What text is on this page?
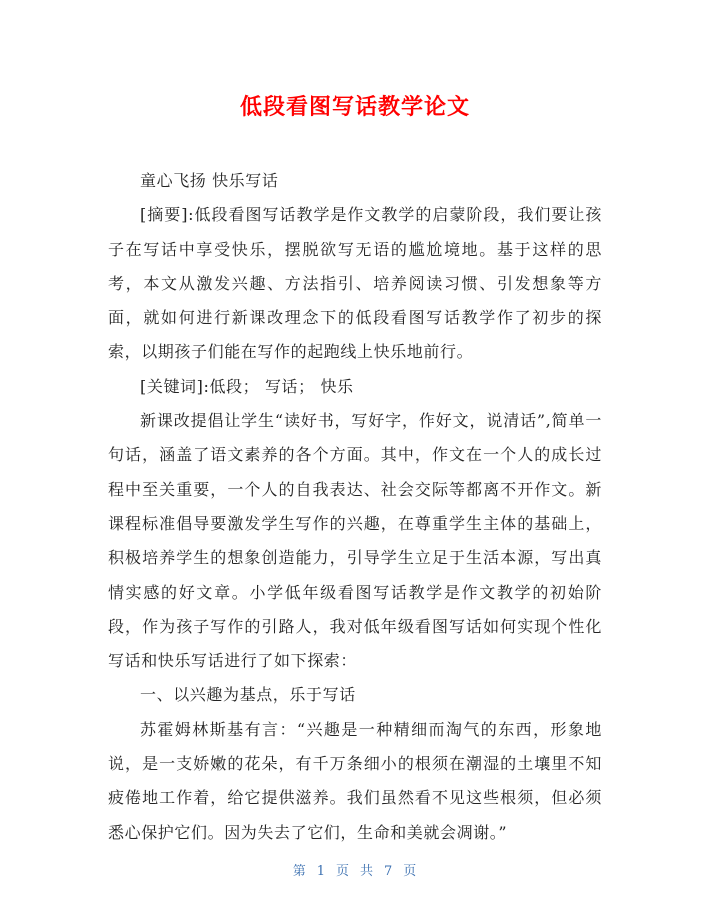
低段看图写话教学论文

童心飞扬 快乐写话

[摘要]:低段看图写话教学是作文教学的启蒙阶段，我们要让孩子在写话中享受快乐，摆脱欲写无语的尴尬境地。基于这样的思考，本文从激发兴趣、方法指引、培养阅读习惯、引发想象等方面，就如何进行新课改理念下的低段看图写话教学作了初步的探索，以期孩子们能在写作的起跑线上快乐地前行。

[关键词]:低段； 写话； 快乐

新课改提倡让学生“读好书，写好字，作好文，说清话”,简单一句话，涵盖了语文素养的各个方面。其中，作文在一个人的成长过程中至关重要，一个人的自我表达、社会交际等都离不开作文。新课程标准倡导要激发学生写作的兴趣，在尊重学生主体的基础上，积极培养学生的想象创造能力，引导学生立足于生活本源，写出真情实感的好文章。小学低年级看图写话教学是作文教学的初始阶段，作为孩子写作的引路人，我对低年级看图写话如何实现个性化写话和快乐写话进行了如下探索：

一、以兴趣为基点，乐于写话

苏霍姆林斯基有言：“兴趣是一种精细而淘气的东西，形象地说，是一支娇嫩的花朵，有千万条细小的根须在潮湿的土壤里不知疲倦地工作着，给它提供滋养。我们虽然看不见这些根须，但必须悉心保护它们。因为失去了它们，生命和美就会凋谢。”

第 1 页 共 7 页
